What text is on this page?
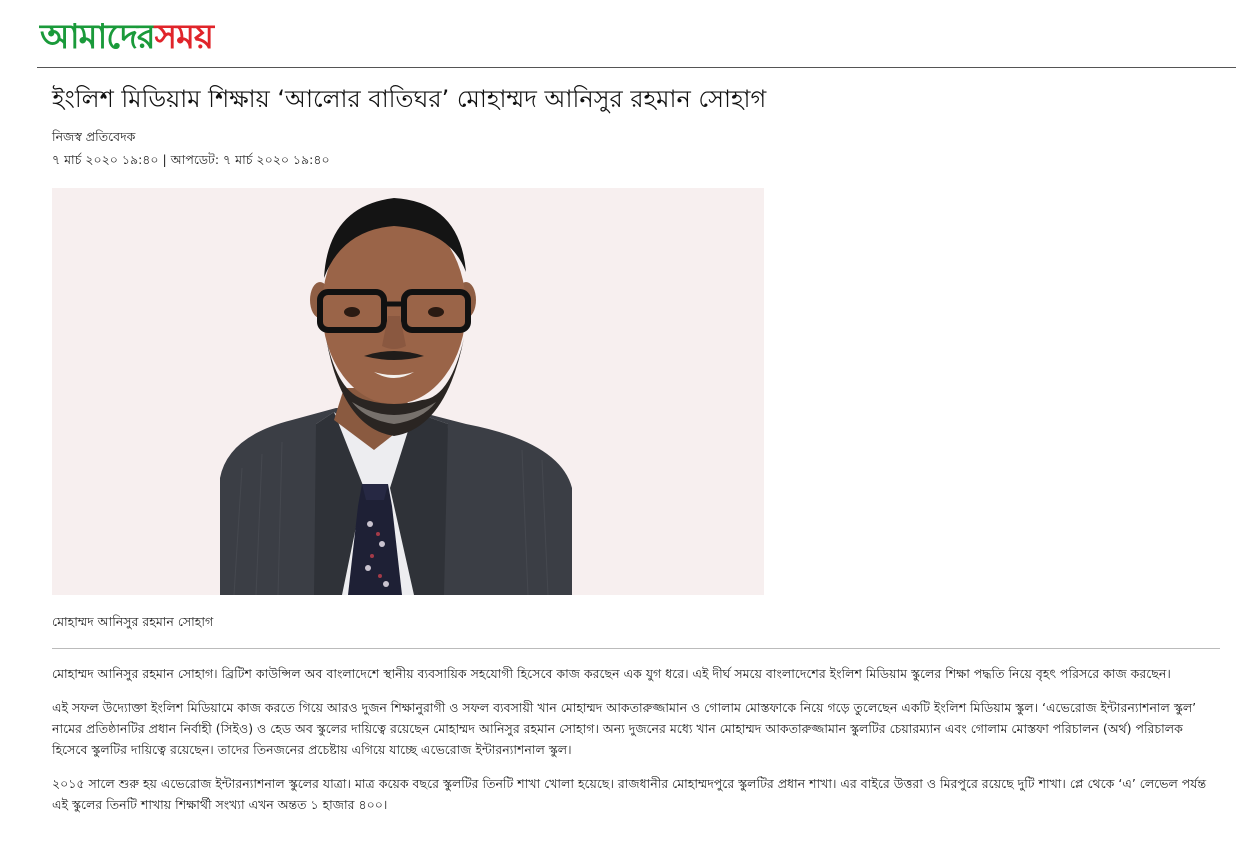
আমাদেরসময়
ইংলিশ মিডিয়াম শিক্ষায় ‘আলোর বাতিঘর’ মোহাম্মদ আনিসুর রহমান সোহাগ
নিজস্ব প্রতিবেদক
৭ মার্চ ২০২০ ১৯:৪০ | আপডেট: ৭ মার্চ ২০২০ ১৯:৪০
মোহাম্মদ আনিসুর রহমান সোহাগ

মোহাম্মদ আনিসুর রহমান সোহাগ। ব্রিটিশ কাউন্সিল অব বাংলাদেশে স্থানীয় ব্যবসায়িক সহযোগী হিসেবে কাজ করছেন এক যুগ ধরে। এই দীর্ঘ সময়ে বাংলাদেশের ইংলিশ মিডিয়াম স্কুলের শিক্ষা পদ্ধতি নিয়ে বৃহৎ পরিসরে কাজ করছেন।

এই সফল উদ্যোক্তা ইংলিশ মিডিয়ামে কাজ করতে গিয়ে আরও দুজন শিক্ষানুরাগী ও সফল ব্যবসায়ী খান মোহাম্মদ আকতারুজ্জামান ও গোলাম মোস্তফাকে নিয়ে গড়ে তুলেছেন একটি ইংলিশ মিডিয়াম স্কুল। ‘এভেরোজ ইন্টারন্যাশনাল স্কুল’ নামের প্রতিষ্ঠানটির প্রধান নির্বাহী (সিইও) ও হেড অব স্কুলের দায়িত্বে রয়েছেন মোহাম্মদ আনিসুর রহমান সোহাগ। অন্য দুজনের মধ্যে খান মোহাম্মদ আকতারুজ্জামান স্কুলটির চেয়ারম্যান এবং গোলাম মোস্তফা পরিচালন (অর্থ) পরিচালক হিসেবে স্কুলটির দায়িত্বে রয়েছেন। তাদের তিনজনের প্রচেষ্টায় এগিয়ে যাচ্ছে এভেরোজ ইন্টারন্যাশনাল স্কুল।

২০১৫ সালে শুরু হয় এভেরোজ ইন্টারন্যাশনাল স্কুলের যাত্রা। মাত্র কয়েক বছরে স্কুলটির তিনটি শাখা খোলা হয়েছে। রাজধানীর মোহাম্মদপুরে স্কুলটির প্রধান শাখা। এর বাইরে উত্তরা ও মিরপুরে রয়েছে দুটি শাখা। প্লে থেকে ‘এ’ লেভেল পর্যন্ত এই স্কুলের তিনটি শাখায় শিক্ষার্থী সংখ্যা এখন অন্তত ১ হাজার ৪০০।
